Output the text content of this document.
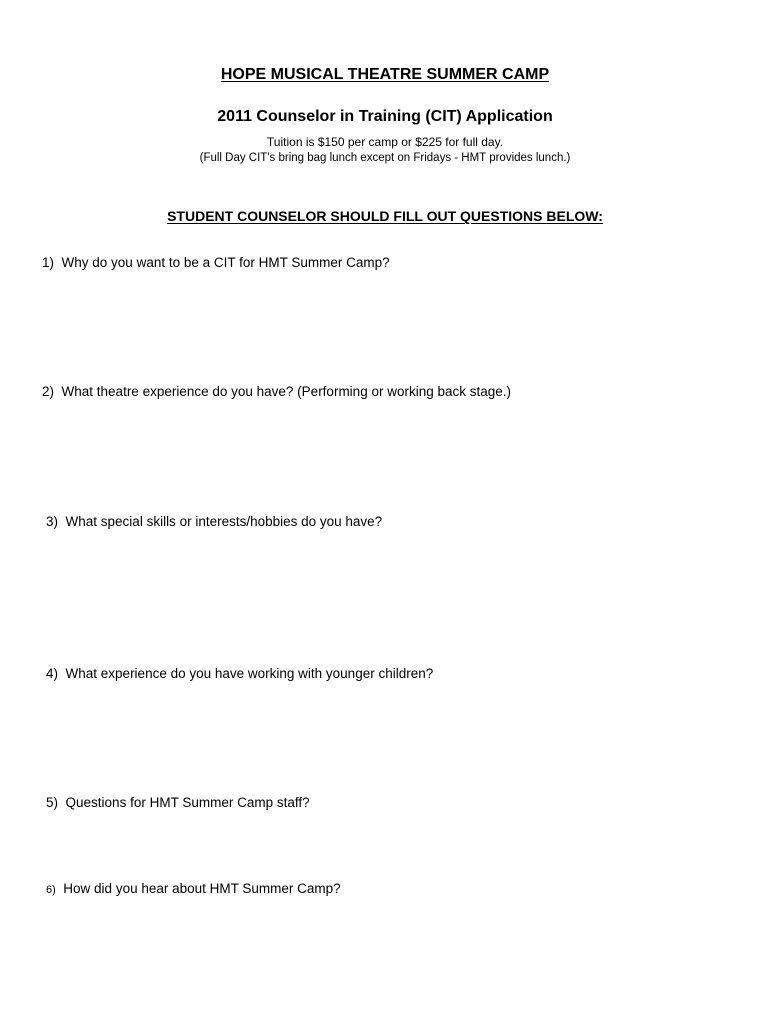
HOPE MUSICAL THEATRE SUMMER CAMP
2011 Counselor in Training (CIT) Application
Tuition is $150 per camp or $225 for full day.
(Full Day CIT's bring bag lunch except on Fridays - HMT provides lunch.)
STUDENT COUNSELOR SHOULD FILL OUT QUESTIONS BELOW:
1) Why do you want to be a CIT for HMT Summer Camp?
2) What theatre experience do you have? (Performing or working back stage.)
3) What special skills or interests/hobbies do you have?
4) What experience do you have working with younger children?
5) Questions for HMT Summer Camp staff?
6) How did you hear about HMT Summer Camp?
